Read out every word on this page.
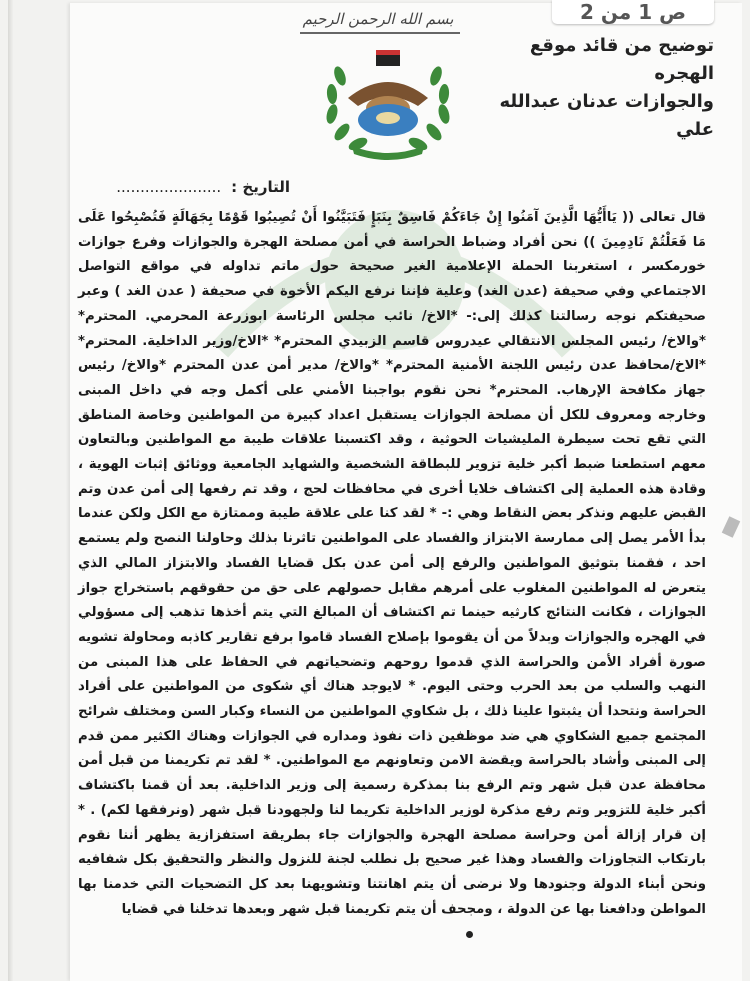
ص 1 من 2
بسم الله الرحمن الرحيم
توضيح من قائد موقع الهجره
والجوازات عدنان عبدالله علي
التاريخ :......................

قال تعالى (( يَاأَيُّهَا الَّذِينَ آمَنُوا إِنْ جَاءَكُمْ فَاسِقٌ بِنَبَإٍ فَتَبَيَّنُوا أَنْ تُصِيبُوا قَوْمًا بِجَهَالَةٍ فَتُصْبِحُوا عَلَى مَا فَعَلْتُمْ نَادِمِينَ )) نحن أفراد وضباط الحراسة في أمن مصلحة الهجرة والجوازات وفرع جوازات خورمكسر ، استغربنا الحملة الإعلامية الغير صحيحة حول ماتم تداوله في مواقع التواصل الاجتماعي وفي صحيفة (عدن الغد) وعلية فإننا نرفع اليكم الأخوة في صحيفة ( عدن الغد ) وعبر صحيفتكم نوجه رسالتنا كذلك إلى:- *الاخ/ نائب مجلس الرئاسة ابوزرعة المحرمي. المحترم* *والاخ/ رئيس المجلس الانتقالي عيدروس قاسم الزبيدي المحترم* *الاخ/وزير الداخلية. المحترم* *الاخ/محافظ عدن رئيس اللجنة الأمنية المحترم* *والاخ/ مدير أمن عدن المحترم *والاخ/ رئيس جهاز مكافحة الإرهاب. المحترم* نحن نقوم بواجبنا الأمني على أكمل وجه في داخل المبنى وخارجه ومعروف للكل أن مصلحة الجوازات يستقبل اعداد كبيرة من المواطنين وخاصة المناطق التي تقع تحت سيطرة المليشيات الحوثية ، وقد اكتسبنا علاقات طيبة مع المواطنين وبالتعاون معهم استطعنا ضبط أكبر خلية تزوير للبطاقة الشخصية والشهايد الجامعية ووثائق إثبات الهوية ، وقادة هذه العملية إلى اكتشاف خلايا أخرى في محافظات لحج ، وقد تم رفعها إلى أمن عدن وتم القبض عليهم ونذكر بعض النقاط وهي :- * لقد كنا على علاقة طيبة وممتازة مع الكل ولكن عندما بدأ الأمر يصل إلى ممارسة الابتزاز والفساد على المواطنين تاثرنا بذلك وحاولنا النصح ولم يستمع احد ، فقمنا بتوثيق المواطنين والرفع إلى أمن عدن بكل قضايا الفساد والابتزاز المالي الذي يتعرض له المواطنين المغلوب على أمرهم مقابل حصولهم على حق من حقوقهم باستخراج جواز الجوازات ، فكانت النتائج كارثيه حينما تم اكتشاف أن المبالغ التي يتم أخذها تذهب إلى مسؤولي في الهجره والجوازات وبدلاً من أن يقوموا بإصلاح الفساد قاموا برفع تقارير كاذبه ومحاولة تشويه صورة أفراد الأمن والحراسة الذي قدموا روحهم وتضحياتهم في الحفاظ على هذا المبنى من النهب والسلب من بعد الحرب وحتى اليوم. * لايوجد هناك أي شكوى من المواطنين على أفراد الحراسة ونتحدا أن يثبتوا علينا ذلك ، بل شكاوي المواطنين من النساء وكبار السن ومختلف شرائح المجتمع جميع الشكاوي هي ضد موظفين ذات نفوذ ومداره في الجوازات وهناك الكثير ممن قدم إلى المبنى وأشاد بالحراسة ويقضة الامن وتعاونهم مع المواطنين. * لقد تم تكريمنا من قبل أمن محافظة عدن قبل شهر وتم الرفع بنا بمذكرة رسمية إلى وزير الداخلية. بعد أن قمنا باكتشاف أكبر خلية للتزوير وتم رفع مذكرة لوزير الداخلية تكريما لنا ولجهودنا قبل شهر (ونرفقها لكم) . * إن قرار إزالة أمن وحراسة مصلحة الهجرة والجوازات جاء بطريقة استفزازية يظهر أننا نقوم بارتكاب التجاوزات والفساد وهذا غير صحيح بل نطلب لجنة للنزول والنظر والتحقيق بكل شفافيه ونحن أبناء الدولة وجنودها ولا نرضى أن يتم اهانتنا وتشويهنا بعد كل التضحيات التي خدمنا بها المواطن ودافعنا بها عن الدولة ، ومجحف أن يتم تكريمنا قبل شهر وبعدها تدخلنا في قضايا
